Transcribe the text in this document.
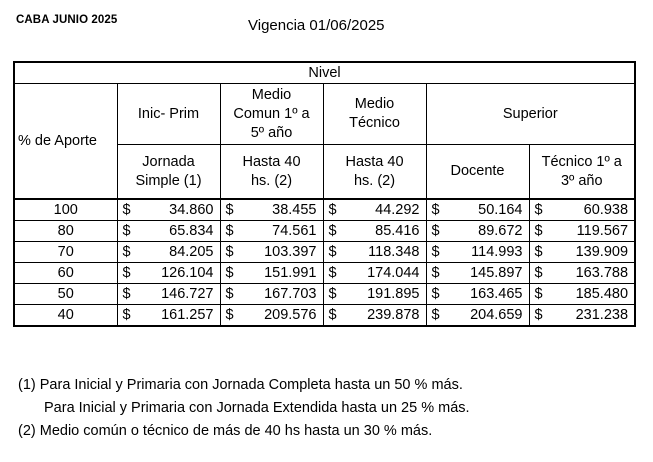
CABA JUNIO 2025	Vigencia 01/06/2025
Nivel					
% de Aporte	Inic- Prim	Medio Comun 1º a 5º año	Medio Técnico	Superior	

	Jornada Simple (1)	Hasta 40 hs. (2)	Hasta 40 hs. (2)	Docente	Técnico 1º a 3º año

100	$ 34.860	$ 38.455	$ 44.292	$ 50.164	$ 60.938

80	$ 65.834	$ 74.561	$ 85.416	$ 89.672	$ 119.567

70	$ 84.205	$ 103.397	$ 118.348	$ 114.993	$ 139.909

60	$ 126.104	$ 151.991	$ 174.044	$ 145.897	$ 163.788

50	$ 146.727	$ 167.703	$ 191.895	$ 163.465	$ 185.480

40	$ 161.257	$ 209.576	$ 239.878	$ 204.659	$ 231.238
(1) Para Inicial y Primaria con Jornada Completa hasta un 50 % más.
Para Inicial y Primaria con Jornada Extendida hasta un 25 % más.
(2) Medio común o técnico de más de 40 hs hasta un 30 % más.
